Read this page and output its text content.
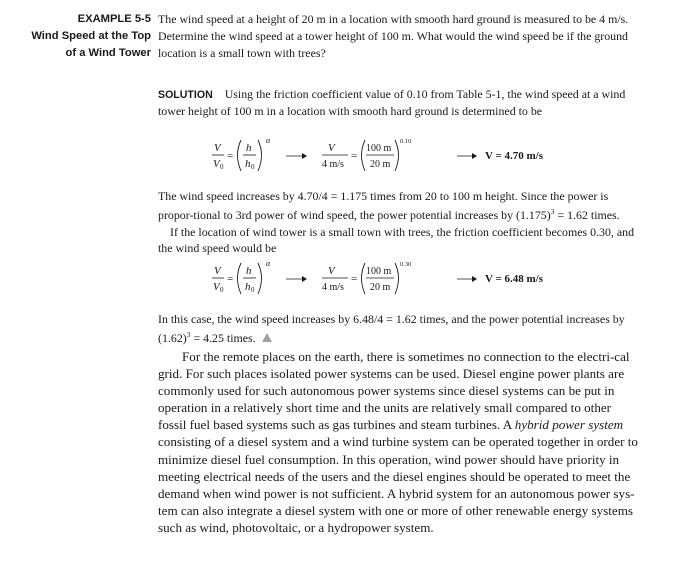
EXAMPLE 5-5
Wind Speed at the Top
of a Wind Tower
The wind speed at a height of 20 m in a location with smooth hard ground is measured to be 4 m/s. Determine the wind speed at a tower height of 100 m. What would the wind speed be if the ground location is a small town with trees?
SOLUTION Using the friction coefficient value of 0.10 from Table 5-1, the wind speed at a wind tower height of 100 m in a location with smooth hard ground is determined to be
V
V 0
=
h
h 0
α
V
4 m/s
=
100 m
20 m
0.10
V = 4.70 m/s
The wind speed increases by 4.70/4 = 1.175 times from 20 to 100 m height. Since the power is propor-tional to 3rd power of wind speed, the power potential increases by $(1.175)^3 = 1.62$ times.
If the location of wind tower is a small town with trees, the friction coefficient becomes 0.30, and the wind speed would be
V
V 0
=
h
h 0
α
V
4 m/s
=
100 m
20 m
0.30
V = 6.48 m/s
In this case, the wind speed increases by 6.48/4 = 1.62 times, and the power potential increases by $(1.62)^3 = 4.25$ times.
For the remote places on the earth, there is sometimes no connection to the electri-cal grid. For such places isolated power systems can be used. Diesel engine power plants are commonly used for such autonomous power systems since diesel systems can be put in operation in a relatively short time and the units are relatively small compared to other fossil fuel based systems such as gas turbines and steam turbines. A hybrid power system consisting of a diesel system and a wind turbine system can be operated together in order to minimize diesel fuel consumption. In this operation, wind power should have priority in meeting electrical needs of the users and the diesel engines should be operated to meet the demand when wind power is not sufficient. A hybrid system for an autonomous power sys-tem can also integrate a diesel system with one or more of other renewable energy systems such as wind, photovoltaic, or a hydropower system.
